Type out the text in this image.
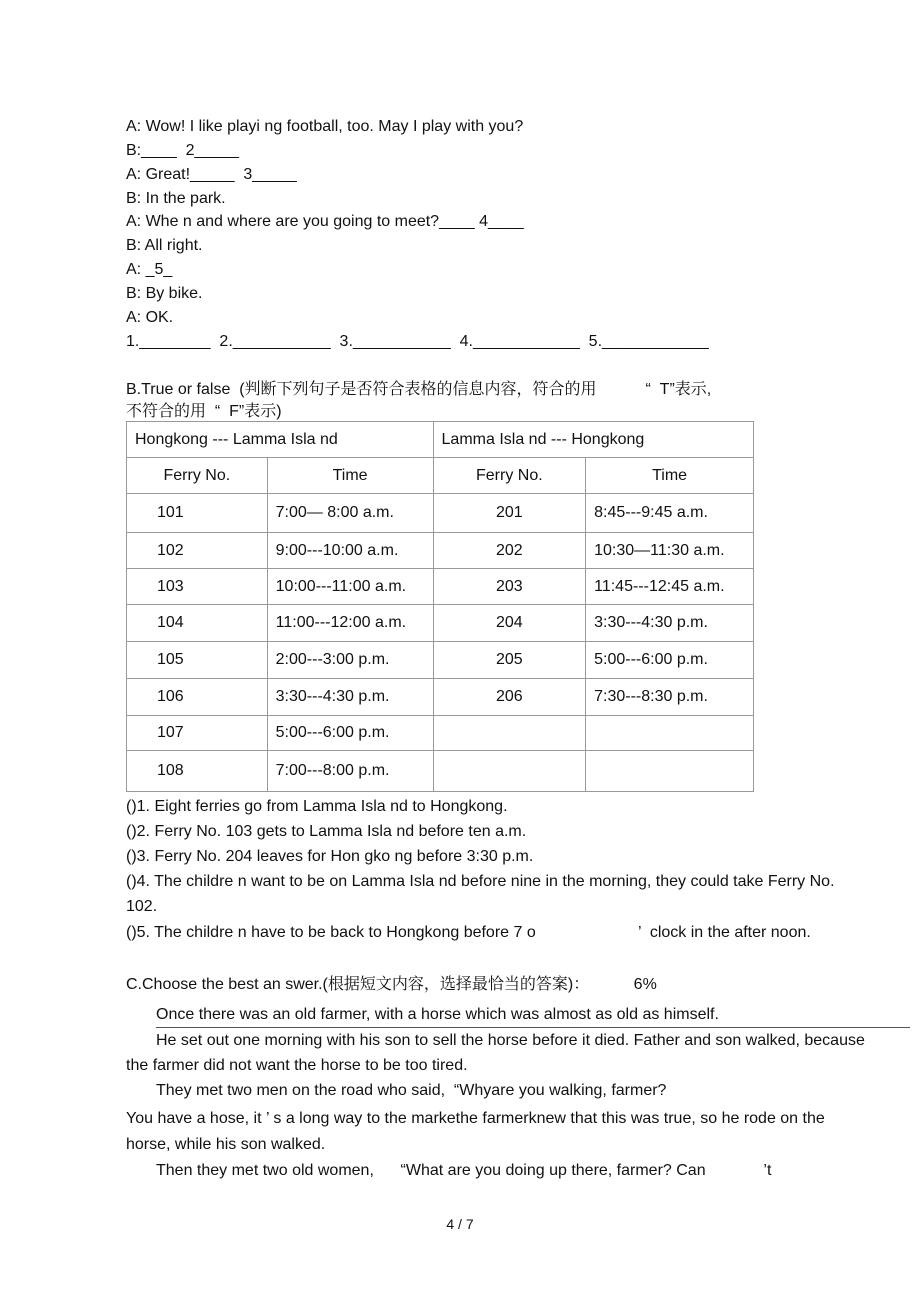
A: Wow! I like playi ng football, too. May I play with you?
B:____  2_____
A: Great!_____  3_____
B: In the park.
A: Whe n and where are you going to meet?____ 4____
B: All right.
A: _5_
B: By bike.
A: OK.
1.________  2.___________  3.___________  4.____________  5.____________
B.True or false  (判断下列句子是否符合表格的信息内容，符合的用           “  T”表示,
不符合的用  “  F”表示)
Hongkong --- Lamma Isla nd		Lamma Isla nd --- Hongkong	
Ferry No.	Time	Ferry No.	Time
101	7:00— 8:00 a.m.	201	8:45---9:45 a.m.
102	9:00---10:00 a.m.	202	10:30—11:30 a.m.
103	10:00---11:00 a.m.	203	11:45---12:45 a.m.
104	11:00---12:00 a.m.	204	3:30---4:30 p.m.
105	2:00---3:00 p.m.	205	5:00---6:00 p.m.
106	3:30---4:30 p.m.	206	7:30---8:30 p.m.
107	5:00---6:00 p.m.		
108	7:00---8:00 p.m.		
()1. Eight ferries go from Lamma Isla nd to Hongkong.
()2. Ferry No. 103 gets to Lamma Isla nd before ten a.m.
()3. Ferry No. 204 leaves for Hon gko ng before 3:30 p.m.
()4. The childre n want to be on Lamma Isla nd before nine in the morning, they could take Ferry No.
102.
()5. The childre n have to be back to Hongkong before 7 o                       ’  clock in the after noon.
C.Choose the best an swer.(根据短文内容，选择最恰当的答案)：          6%
Once there was an old farmer, with a horse which was almost as old as himself.
He set out one morning with his son to sell the horse before it died. Father and son walked, because
the farmer did not want the horse to be too tired.
They met two men on the road who said,  “Whyare you walking, farmer?
You have a hose, it ’ s a long way to the markethe farmerknew that this was true, so he rode on the
horse, while his son walked.
Then they met two old women,      “What are you doing up there, farmer? Can             ’t
4 / 7
